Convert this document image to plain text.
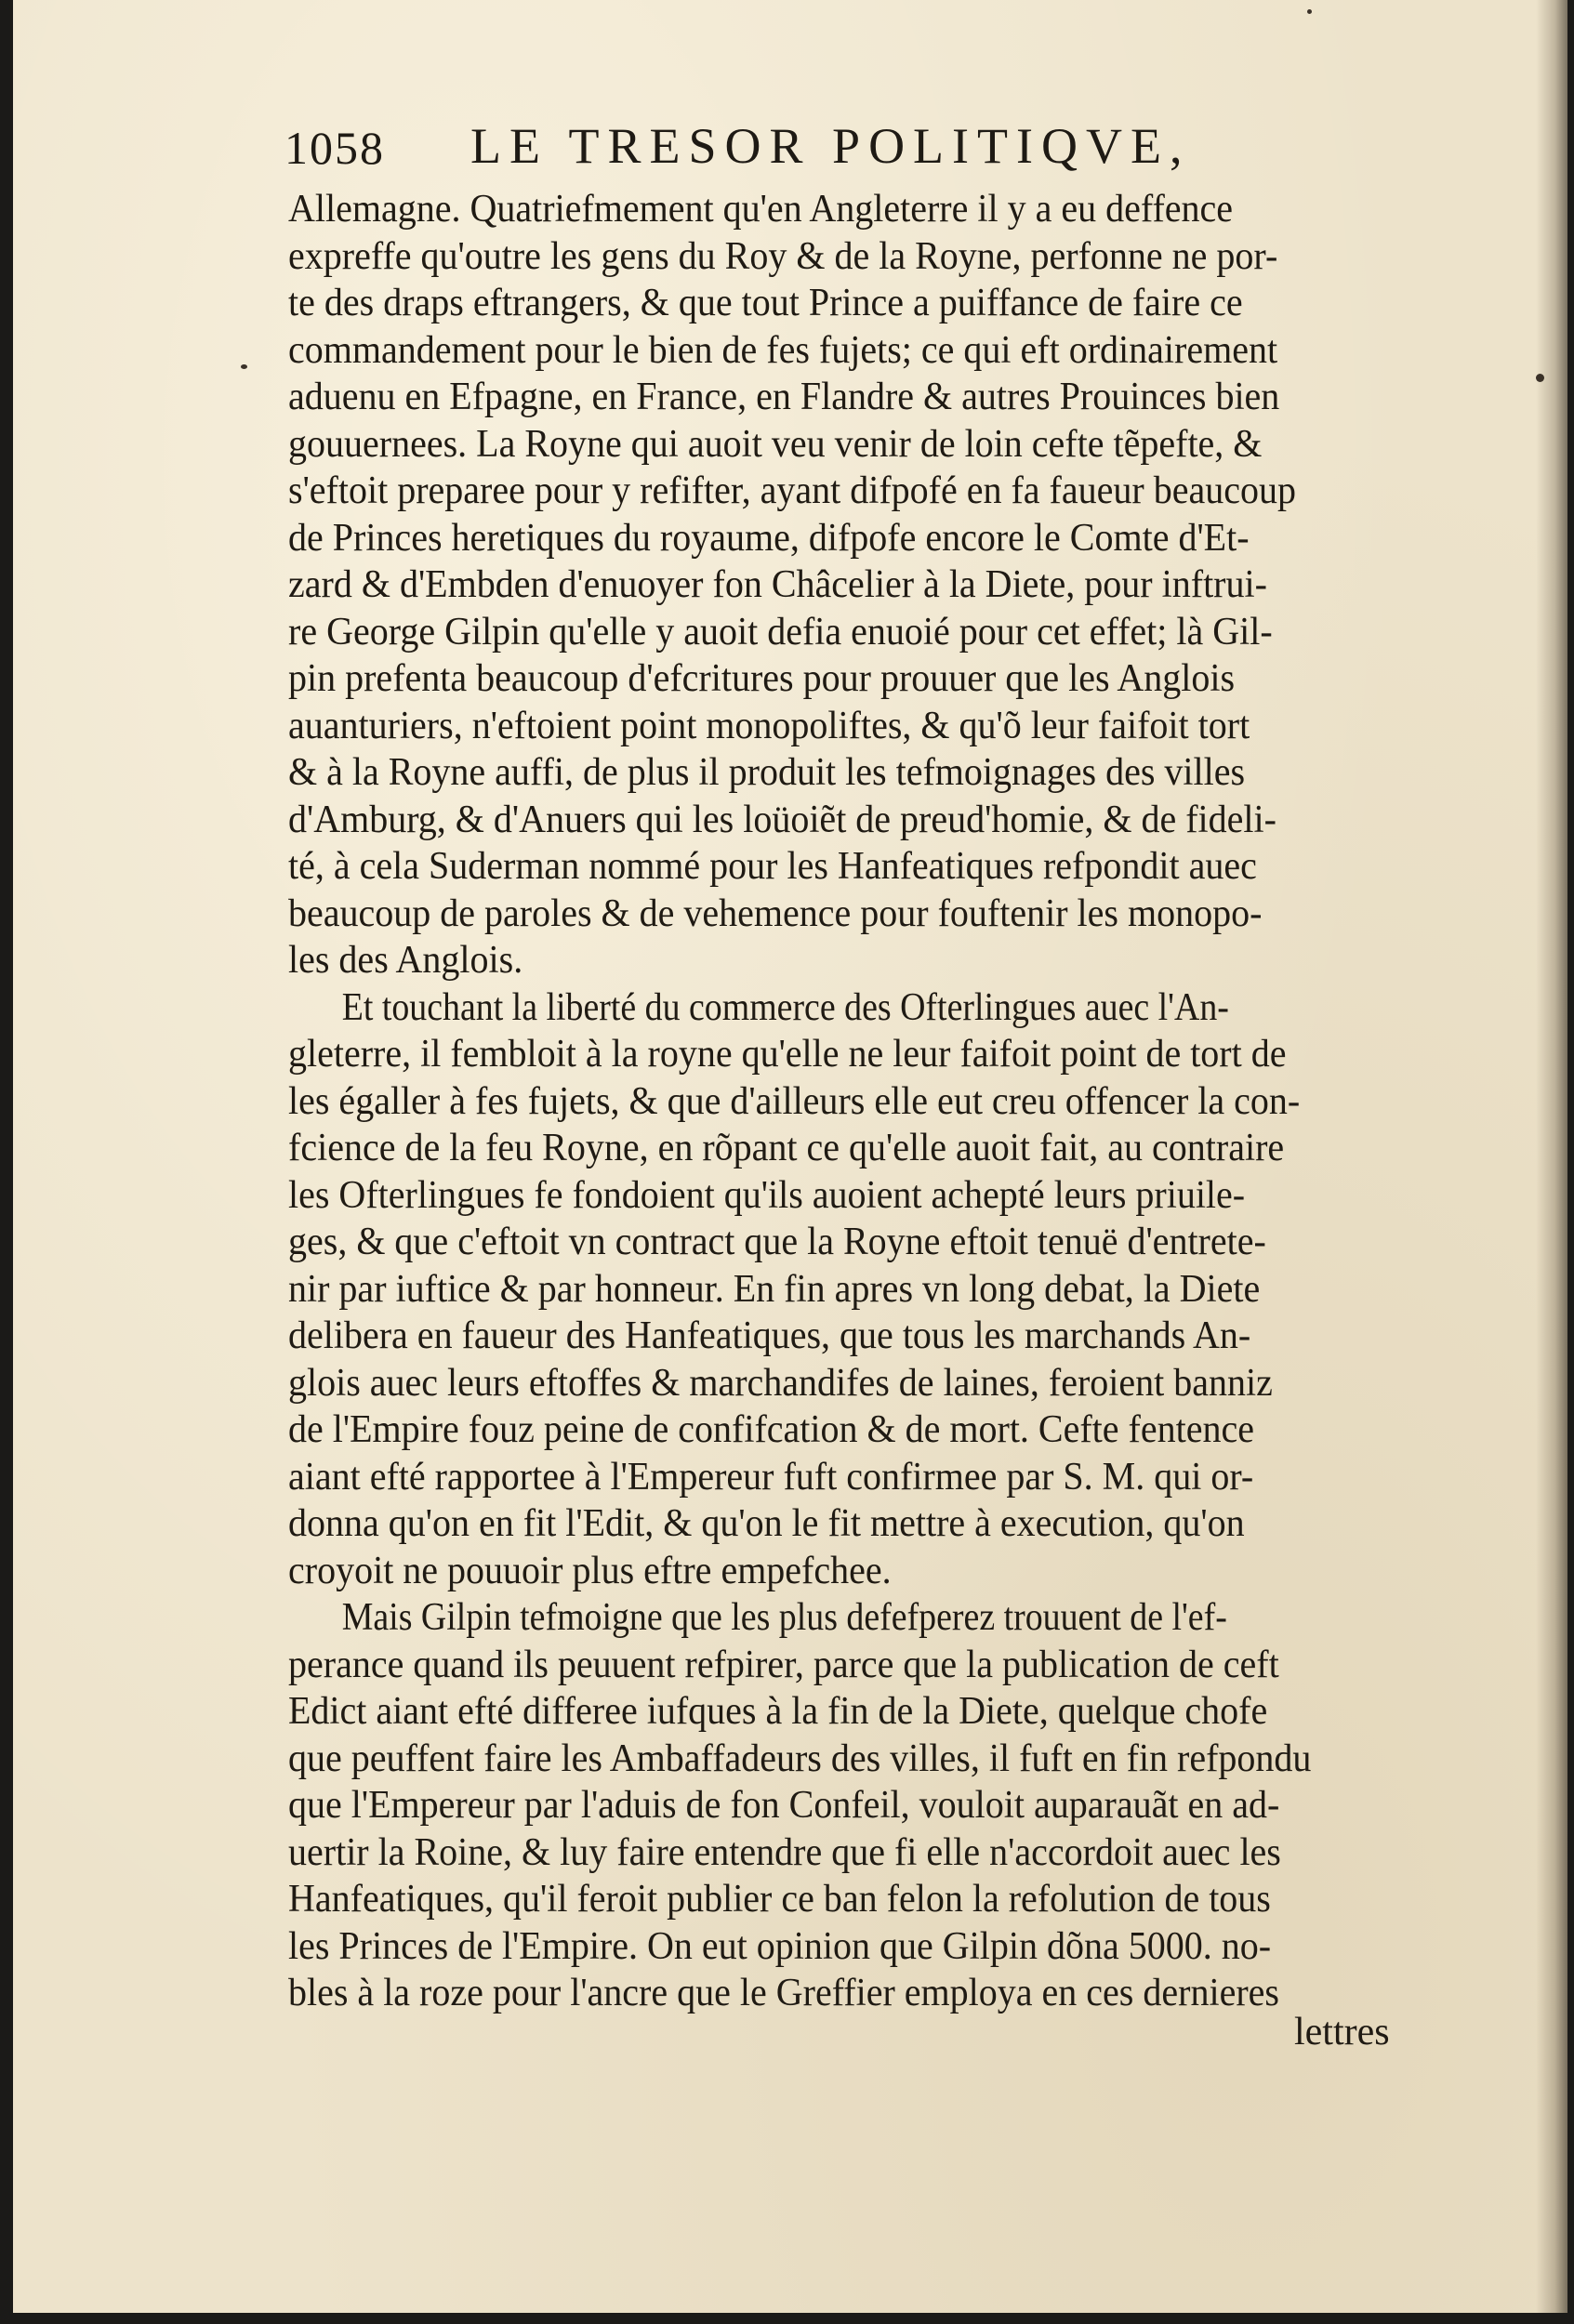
1058 LE TRESOR POLITIQVE,
Allemagne. Quatriefmement qu'en Angleterre il y a eu deffence
expreffe qu'outre les gens du Roy & de la Royne, perfonne ne por-
te des draps eftrangers, & que tout Prince a puiffance de faire ce
commandement pour le bien de fes fujets; ce qui eft ordinairement
aduenu en Efpagne, en France, en Flandre & autres Prouinces bien
gouuernees. La Royne qui auoit veu venir de loin cefte tẽpefte, &
s'eftoit preparee pour y refifter, ayant difpofé en fa faueur beaucoup
de Princes heretiques du royaume, difpofe encore le Comte d'Et-
zard & d'Embden d'enuoyer fon Châcelier à la Diete, pour inftrui-
re George Gilpin qu'elle y auoit defia enuoié pour cet effet; là Gil-
pin prefenta beaucoup d'efcritures pour prouuer que les Anglois
auanturiers, n'eftoient point monopoliftes, & qu'õ leur faifoit tort
& à la Royne auffi, de plus il produit les tefmoignages des villes
d'Amburg, & d'Anuers qui les loüoiẽt de preud'homie, & de fideli-
té, à cela Suderman nommé pour les Hanfeatiques refpondit auec
beaucoup de paroles & de vehemence pour fouftenir les monopo-
les des Anglois.
Et touchant la liberté du commerce des Ofterlingues auec l'An-
gleterre, il fembloit à la royne qu'elle ne leur faifoit point de tort de
les égaller à fes fujets, & que d'ailleurs elle eut creu offencer la con-
fcience de la feu Royne, en rõpant ce qu'elle auoit fait, au contraire
les Ofterlingues fe fondoient qu'ils auoient achepté leurs priuile-
ges, & que c'eftoit vn contract que la Royne eftoit tenuë d'entrete-
nir par iuftice & par honneur. En fin apres vn long debat, la Diete
delibera en faueur des Hanfeatiques, que tous les marchands An-
glois auec leurs eftoffes & marchandifes de laines, feroient banniz
de l'Empire fouz peine de confifcation & de mort. Cefte fentence
aiant efté rapportee à l'Empereur fuft confirmee par S. M. qui or-
donna qu'on en fit l'Edit, & qu'on le fit mettre à execution, qu'on
croyoit ne pouuoir plus eftre empefchee.
Mais Gilpin tefmoigne que les plus defefperez trouuent de l'ef-
perance quand ils peuuent refpirer, parce que la publication de ceft
Edict aiant efté differee iufques à la fin de la Diete, quelque chofe
que peuffent faire les Ambaffadeurs des villes, il fuft en fin refpondu
que l'Empereur par l'aduis de fon Confeil, vouloit auparauãt en ad-
uertir la Roine, & luy faire entendre que fi elle n'accordoit auec les
Hanfeatiques, qu'il feroit publier ce ban felon la refolution de tous
les Princes de l'Empire. On eut opinion que Gilpin dõna 5000. no-
bles à la roze pour l'ancre que le Greffier employa en ces dernieres
lettres
